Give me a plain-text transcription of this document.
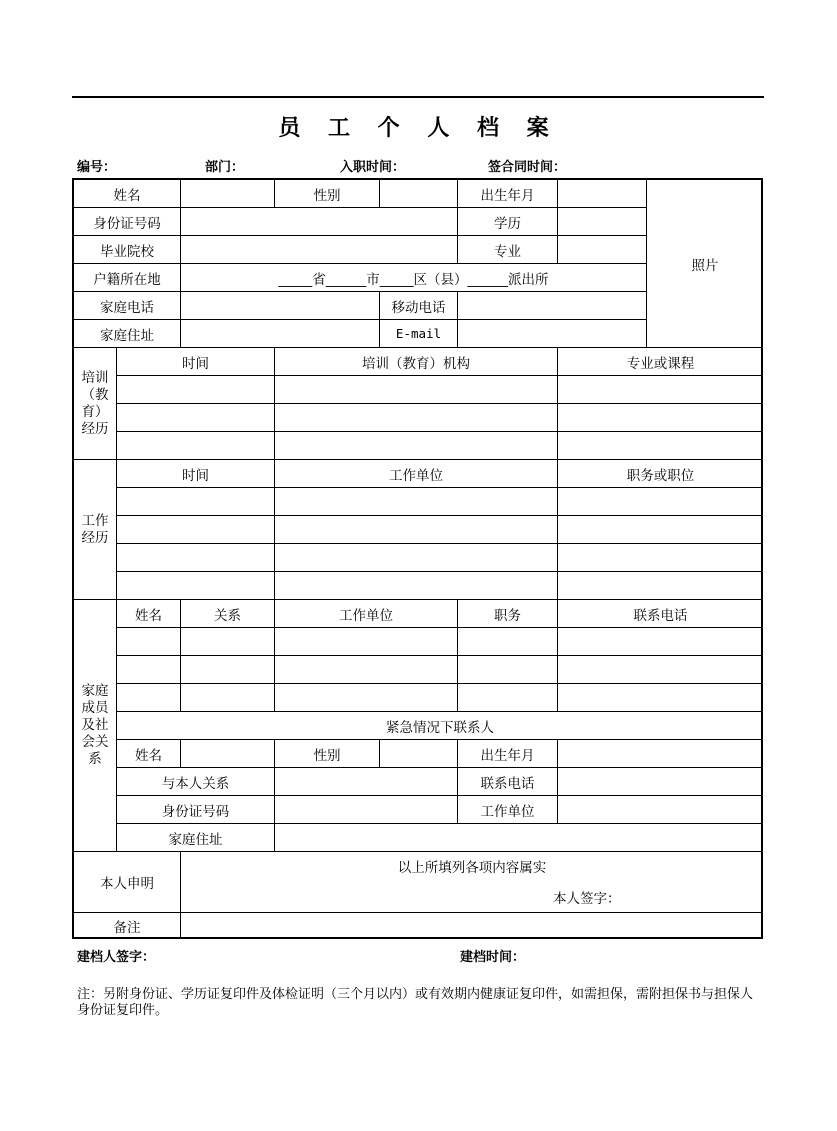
员 工 个 人 档 案
编号：	部门：	入职时间：	签合同时间：
姓名	性别	出生年月
照片
身份证号码	学历
毕业院校	专业
户籍所在地	_____省______市_____区（县）______派出所
家庭电话	移动电话
家庭住址	E-mail
培训（教育）经历
时间	培训（教育）机构	专业或课程
工作经历
时间	工作单位	职务或职位
家庭成员及社会关系
姓名	关系	工作单位	职务	联系电话
紧急情况下联系人
姓名	性别	出生年月
与本人关系	联系电话
身份证号码	工作单位
家庭住址
本人申明
以上所填列各项内容属实
本人签字：
备注
建档人签字：	建档时间：
注：另附身份证、学历证复印件及体检证明（三个月以内）或有效期内健康证复印件，如需担保，需附担保书与担保人身份证复印件。
